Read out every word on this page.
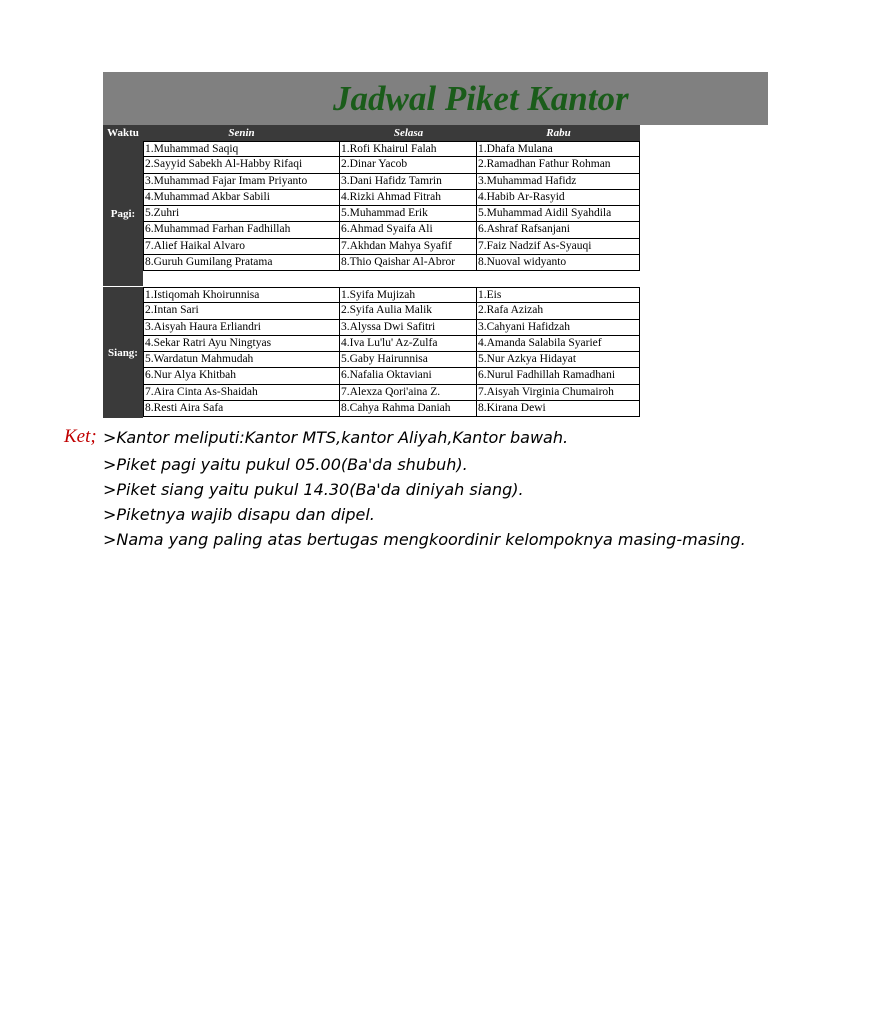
Jadwal Piket Kantor
Waktu	Senin	Selasa	Rabu
Pagi:
1.Muhammad Saqiq	1.Rofi Khairul Falah	1.Dhafa Mulana
2.Sayyid Sabekh Al-Habby Rifaqi	2.Dinar Yacob	2.Ramadhan Fathur Rohman
3.Muhammad Fajar Imam Priyanto	3.Dani Hafidz Tamrin	3.Muhammad Hafidz
4.Muhammad Akbar Sabili	4.Rizki Ahmad Fitrah	4.Habib Ar-Rasyid
5.Zuhri	5.Muhammad Erik	5.Muhammad Aidil Syahdila
6.Muhammad Farhan Fadhillah	6.Ahmad Syaifa Ali	6.Ashraf Rafsanjani
7.Alief Haikal Alvaro	7.Akhdan Mahya Syafif	7.Faiz Nadzif As-Syauqi
8.Guruh Gumilang Pratama	8.Thio Qaishar Al-Abror	8.Nuoval widyanto
Siang:
1.Istiqomah Khoirunnisa	1.Syifa Mujizah	1.Eis
2.Intan Sari	2.Syifa Aulia Malik	2.Rafa Azizah
3.Aisyah Haura Erliandri	3.Alyssa Dwi Safitri	3.Cahyani Hafidzah
4.Sekar Ratri Ayu Ningtyas	4.Iva Lu'lu' Az-Zulfa	4.Amanda Salabila Syarief
5.Wardatun Mahmudah	5.Gaby Hairunnisa	5.Nur Azkya Hidayat
6.Nur Alya Khitbah	6.Nafalia Oktaviani	6.Nurul Fadhillah Ramadhani
7.Aira Cinta As-Shaidah	7.Alexza Qori'aina Z.	7.Aisyah Virginia Chumairoh
8.Resti Aira Safa	8.Cahya Rahma Daniah	8.Kirana Dewi
Ket; >Kantor meliputi:Kantor MTS,kantor Aliyah,Kantor bawah.
>Piket pagi yaitu pukul 05.00(Ba'da shubuh).
>Piket siang yaitu pukul 14.30(Ba'da diniyah siang).
>Piketnya wajib disapu dan dipel.
>Nama yang paling atas bertugas mengkoordinir kelompoknya masing-masing.
